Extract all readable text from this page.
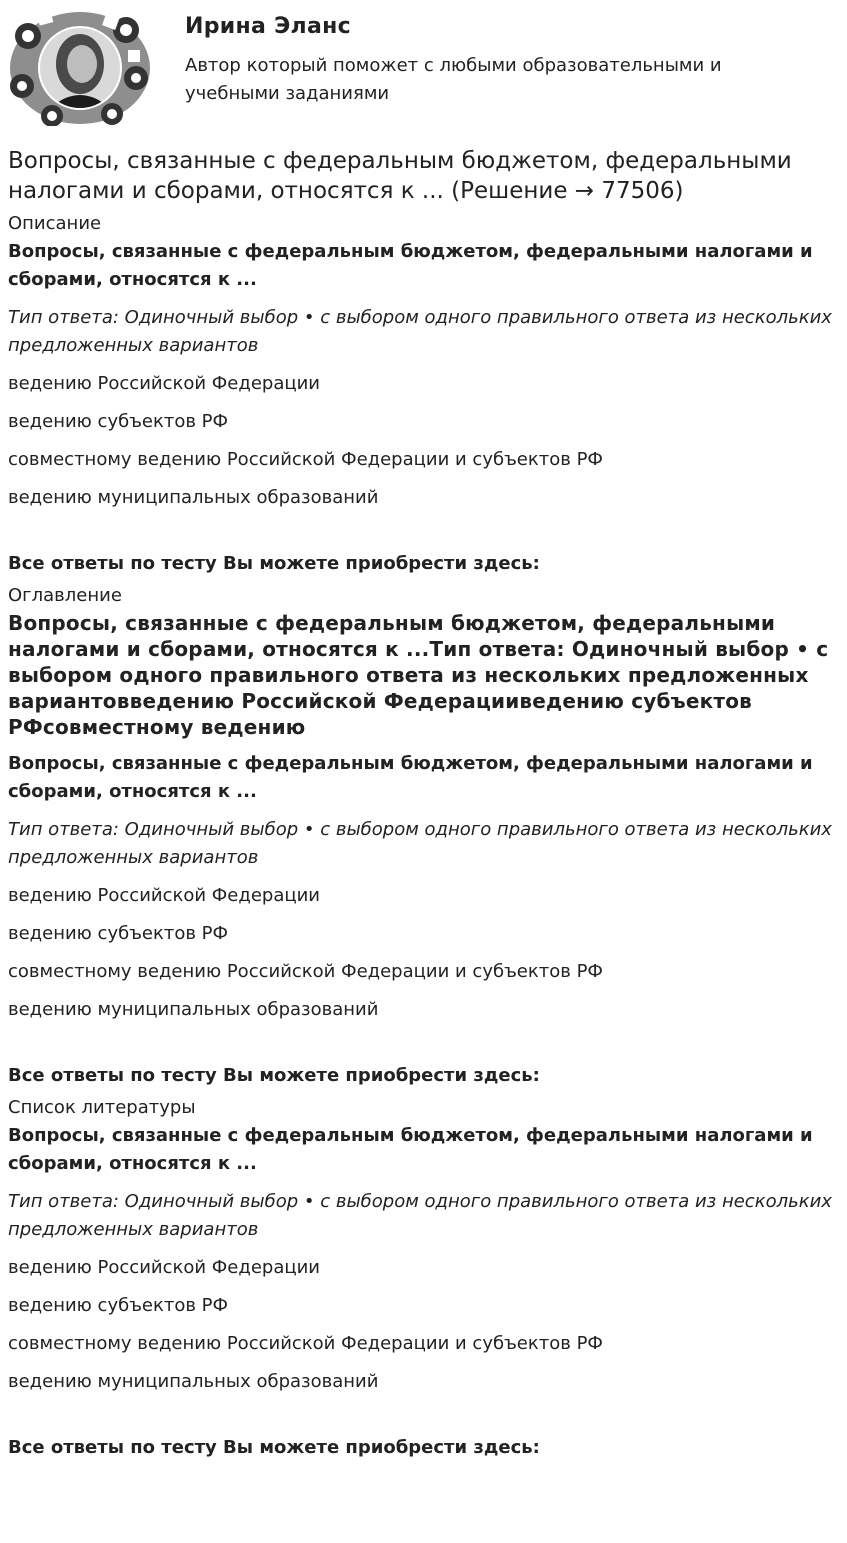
Ирина Эланс
Автор который поможет с любыми образовательными и учебными заданиями
Вопросы, связанные с федеральным бюджетом, федеральными налогами и сборами, относятся к ... (Решение → 77506)
Описание
Вопросы, связанные с федеральным бюджетом, федеральными налогами и сборами, относятся к ...
Тип ответа: Одиночный выбор • с выбором одного правильного ответа из нескольких предложенных вариантов
ведению Российской Федерации
ведению субъектов РФ
совместному ведению Российской Федерации и субъектов РФ
ведению муниципальных образований
Все ответы по тесту Вы можете приобрести здесь:
Оглавление
Вопросы, связанные с федеральным бюджетом, федеральными налогами и сборами, относятся к ...Тип ответа: Одиночный выбор • с выбором одного правильного ответа из нескольких предложенных вариантовведению Российской Федерацииведению субъектов РФсовместному ведению
Вопросы, связанные с федеральным бюджетом, федеральными налогами и сборами, относятся к ...
Тип ответа: Одиночный выбор • с выбором одного правильного ответа из нескольких предложенных вариантов
ведению Российской Федерации
ведению субъектов РФ
совместному ведению Российской Федерации и субъектов РФ
ведению муниципальных образований
Все ответы по тесту Вы можете приобрести здесь:
Список литературы
Вопросы, связанные с федеральным бюджетом, федеральными налогами и сборами, относятся к ...
Тип ответа: Одиночный выбор • с выбором одного правильного ответа из нескольких предложенных вариантов
ведению Российской Федерации
ведению субъектов РФ
совместному ведению Российской Федерации и субъектов РФ
ведению муниципальных образований
Все ответы по тесту Вы можете приобрести здесь:
